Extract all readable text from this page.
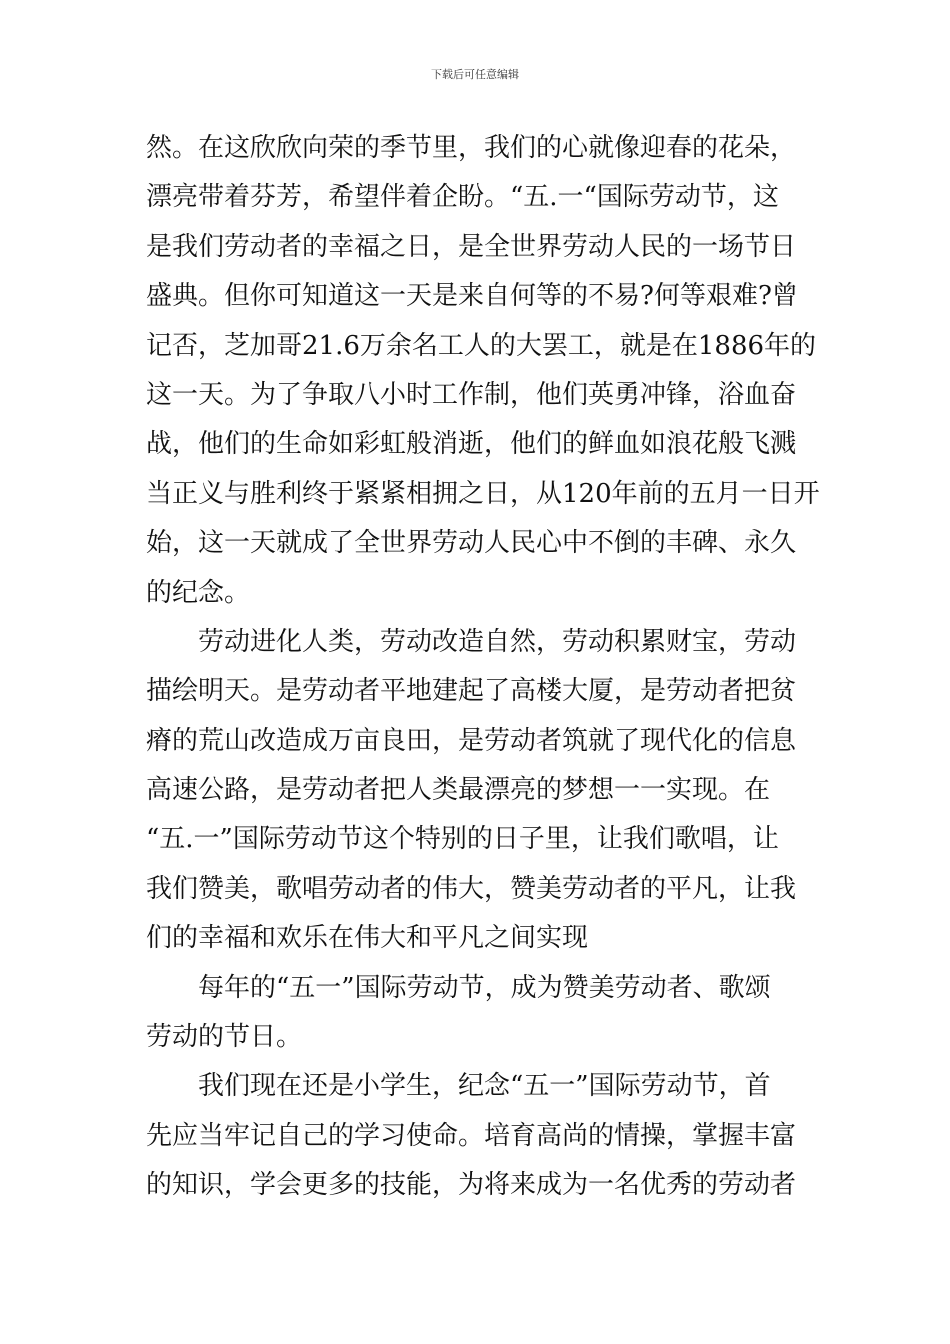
下载后可任意编辑
然。在这欣欣向荣的季节里，我们的心就像迎春的花朵，
漂亮带着芬芳，希望伴着企盼。“五.一“国际劳动节，这
是我们劳动者的幸福之日，是全世界劳动人民的一场节日
盛典。但你可知道这一天是来自何等的不易?何等艰难?曾
记否，芝加哥21.6万余名工人的大罢工，就是在1886年的
这一天。为了争取八小时工作制，他们英勇冲锋，浴血奋
战，他们的生命如彩虹般消逝，他们的鲜血如浪花般飞溅
当正义与胜利终于紧紧相拥之日，从120年前的五月一日开
始，这一天就成了全世界劳动人民心中不倒的丰碑、永久
的纪念。
劳动进化人类，劳动改造自然，劳动积累财宝，劳动
描绘明天。是劳动者平地建起了高楼大厦，是劳动者把贫
瘠的荒山改造成万亩良田，是劳动者筑就了现代化的信息
高速公路，是劳动者把人类最漂亮的梦想一一实现。在
“五.一”国际劳动节这个特别的日子里，让我们歌唱，让
我们赞美，歌唱劳动者的伟大，赞美劳动者的平凡，让我
们的幸福和欢乐在伟大和平凡之间实现
每年的“五一”国际劳动节，成为赞美劳动者、歌颂
劳动的节日。
我们现在还是小学生，纪念“五一”国际劳动节，首
先应当牢记自己的学习使命。培育高尚的情操，掌握丰富
的知识，学会更多的技能，为将来成为一名优秀的劳动者
